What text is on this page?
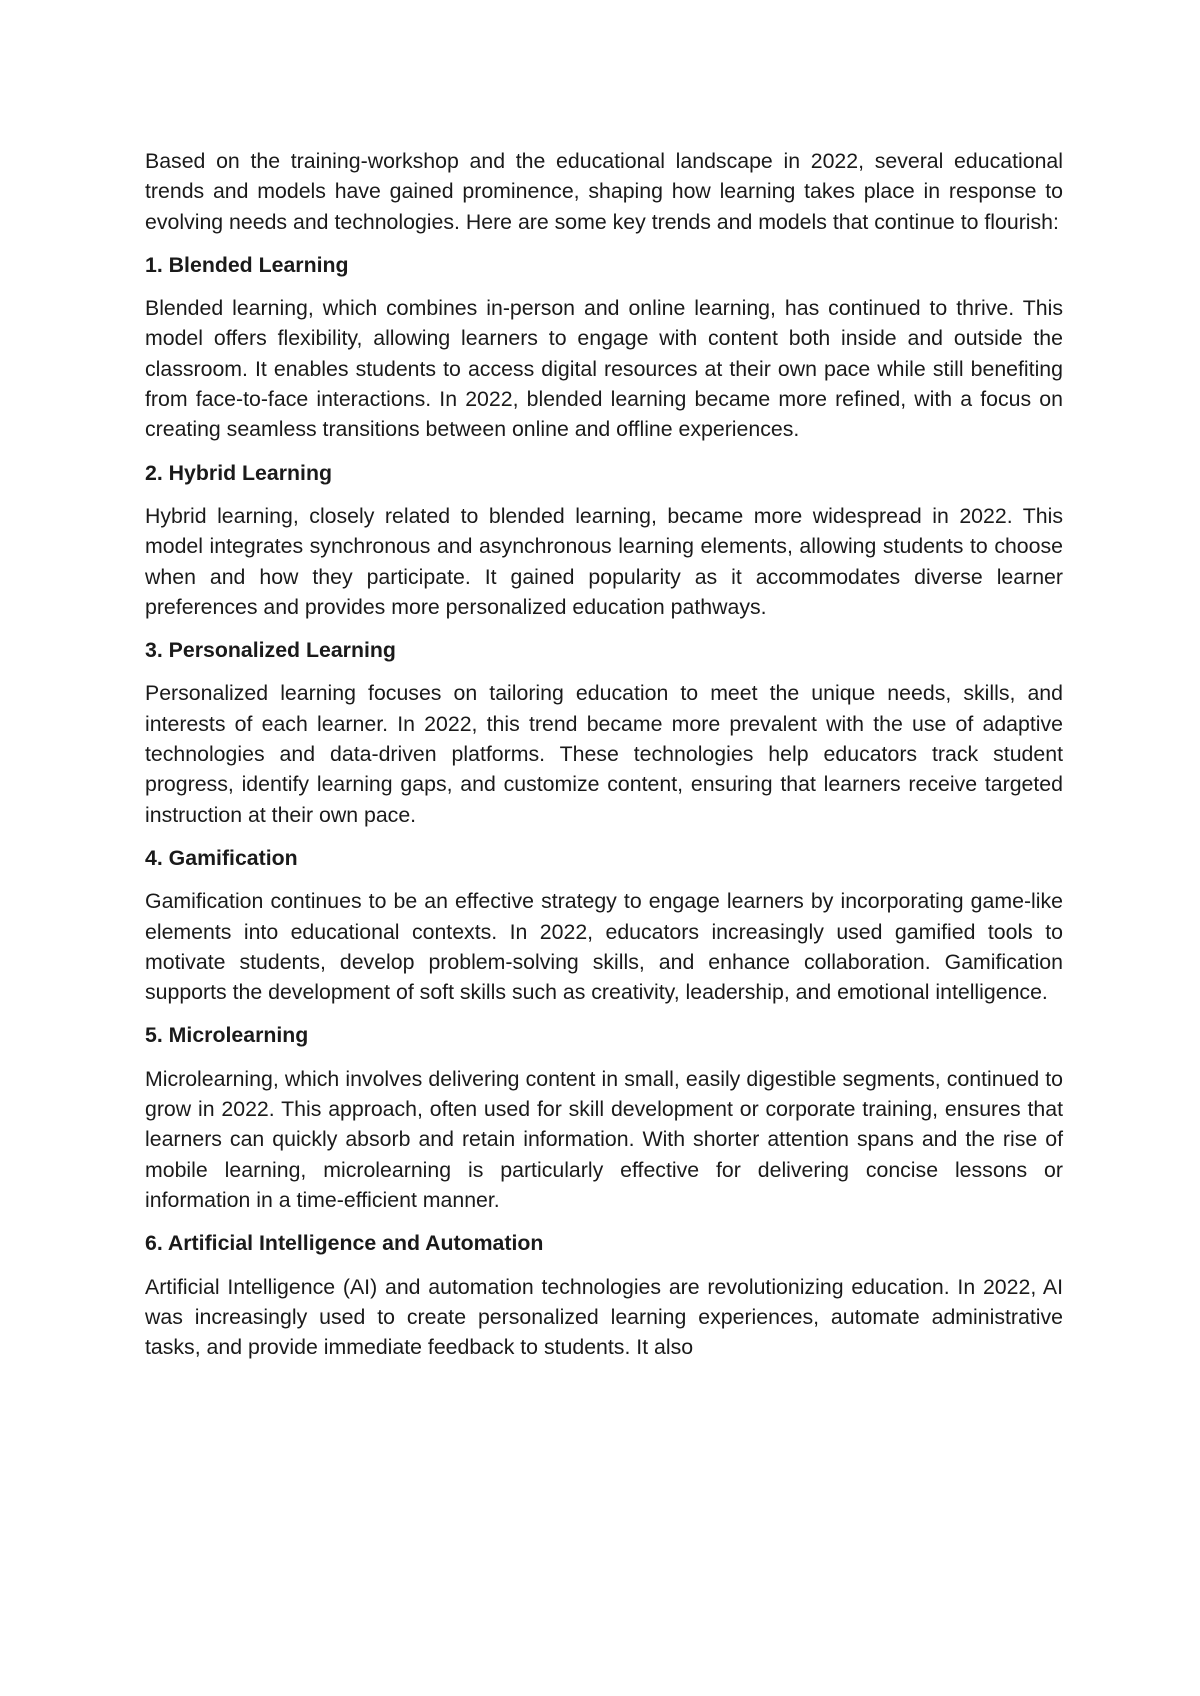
Based on the training-workshop and the educational landscape in 2022, several educational trends and models have gained prominence, shaping how learning takes place in response to evolving needs and technologies. Here are some key trends and models that continue to flourish:

1. Blended Learning

Blended learning, which combines in-person and online learning, has continued to thrive. This model offers flexibility, allowing learners to engage with content both inside and outside the classroom. It enables students to access digital resources at their own pace while still benefiting from face-to-face interactions. In 2022, blended learning became more refined, with a focus on creating seamless transitions between online and offline experiences.

2. Hybrid Learning

Hybrid learning, closely related to blended learning, became more widespread in 2022. This model integrates synchronous and asynchronous learning elements, allowing students to choose when and how they participate. It gained popularity as it accommodates diverse learner preferences and provides more personalized education pathways.

3. Personalized Learning

Personalized learning focuses on tailoring education to meet the unique needs, skills, and interests of each learner. In 2022, this trend became more prevalent with the use of adaptive technologies and data-driven platforms. These technologies help educators track student progress, identify learning gaps, and customize content, ensuring that learners receive targeted instruction at their own pace.

4. Gamification

Gamification continues to be an effective strategy to engage learners by incorporating game-like elements into educational contexts. In 2022, educators increasingly used gamified tools to motivate students, develop problem-solving skills, and enhance collaboration. Gamification supports the development of soft skills such as creativity, leadership, and emotional intelligence.

5. Microlearning

Microlearning, which involves delivering content in small, easily digestible segments, continued to grow in 2022. This approach, often used for skill development or corporate training, ensures that learners can quickly absorb and retain information. With shorter attention spans and the rise of mobile learning, microlearning is particularly effective for delivering concise lessons or information in a time-efficient manner.

6. Artificial Intelligence and Automation

Artificial Intelligence (AI) and automation technologies are revolutionizing education. In 2022, AI was increasingly used to create personalized learning experiences, automate administrative tasks, and provide immediate feedback to students. It also
